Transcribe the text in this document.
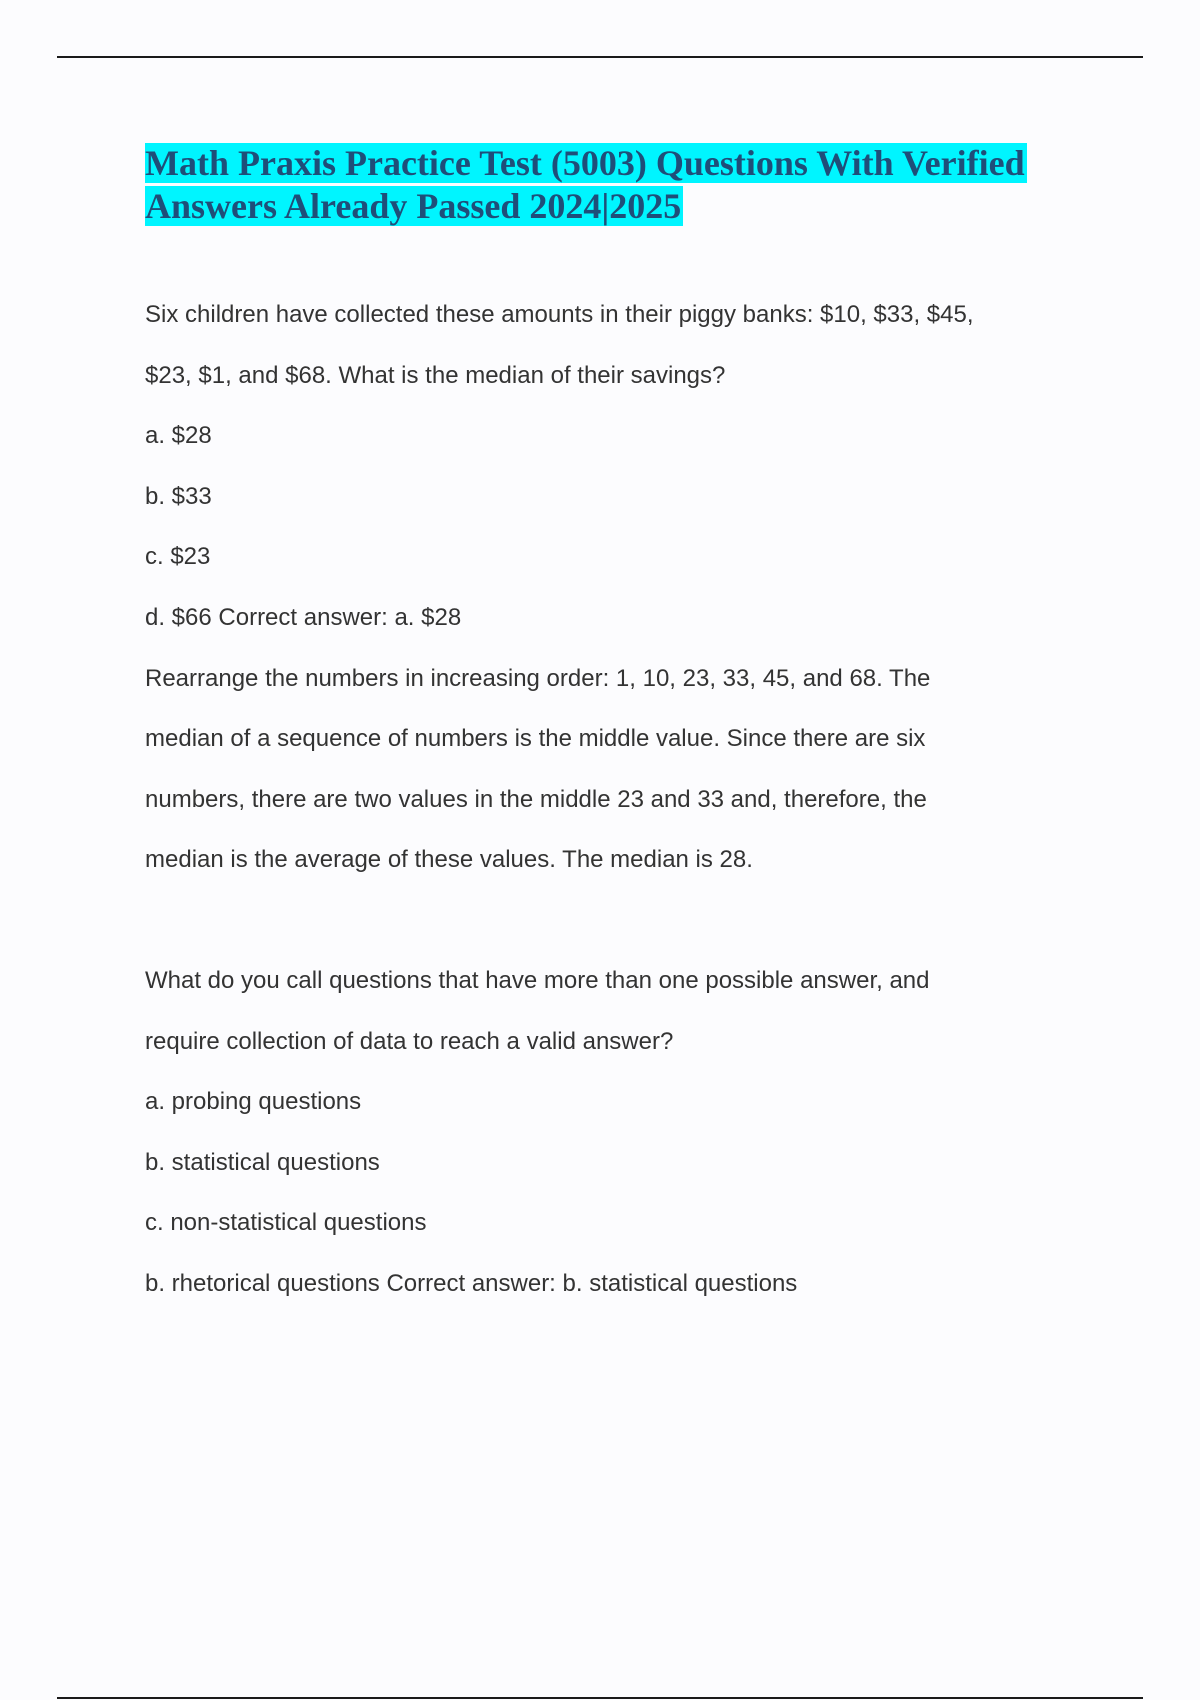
Math Praxis Practice Test (5003) Questions With Verified
Answers Already Passed 2024|2025
Six children have collected these amounts in their piggy banks: $10, $33, $45,
$23, $1, and $68. What is the median of their savings?
a. $28
b. $33
c. $23
d. $66 Correct answer: a. $28
Rearrange the numbers in increasing order: 1, 10, 23, 33, 45, and 68. The
median of a sequence of numbers is the middle value. Since there are six
numbers, there are two values in the middle 23 and 33 and, therefore, the
median is the average of these values. The median is 28.
What do you call questions that have more than one possible answer, and
require collection of data to reach a valid answer?
a. probing questions
b. statistical questions
c. non-statistical questions
b. rhetorical questions Correct answer: b. statistical questions
